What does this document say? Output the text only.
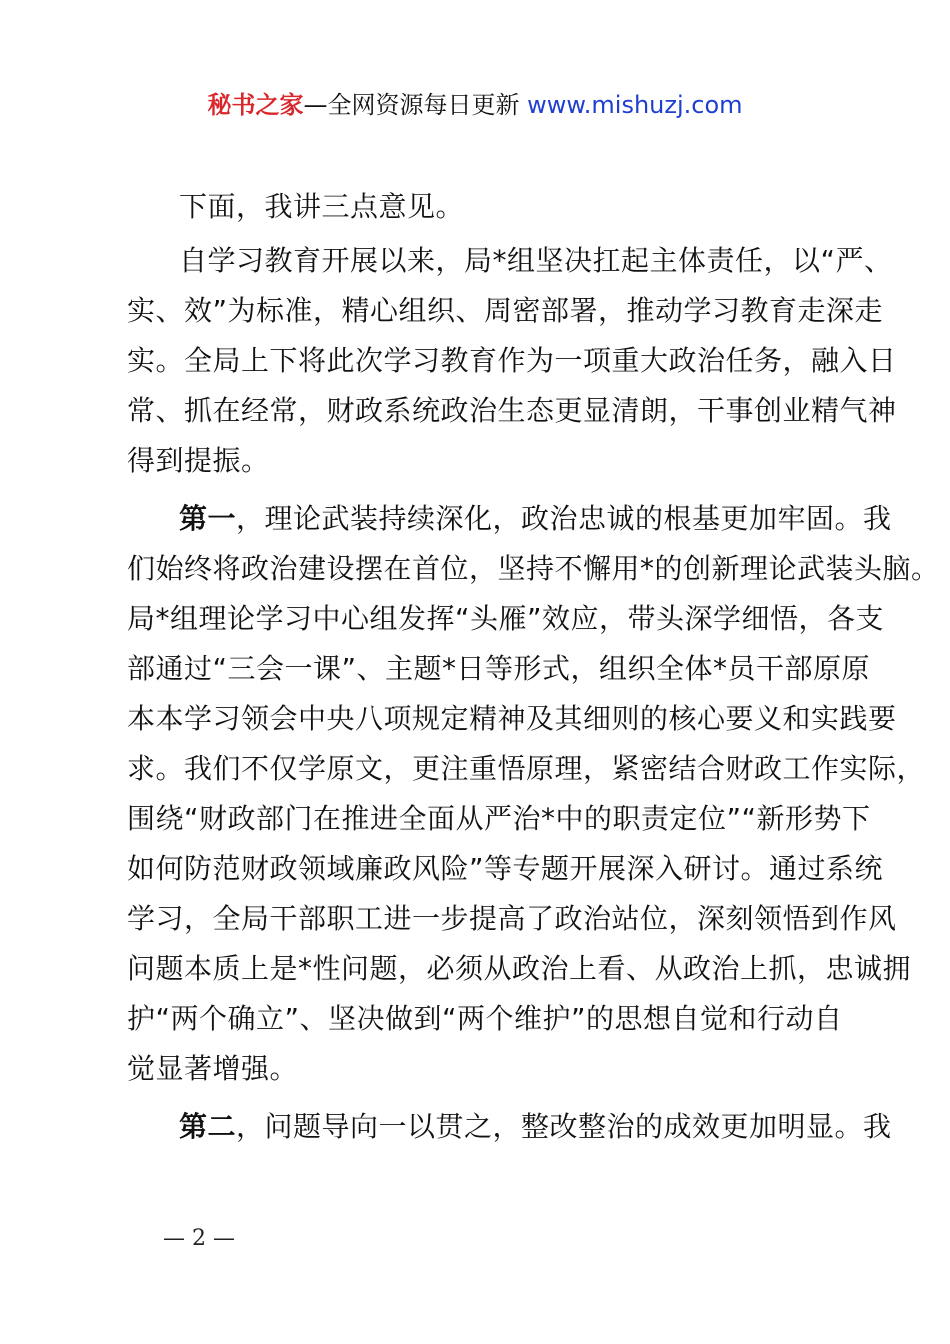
秘书之家—全网资源每日更新 www.mishuzj.com
下面，我讲三点意见。
自学习教育开展以来，局*组坚决扛起主体责任，以“严、
实、效”为标准，精心组织、周密部署，推动学习教育走深走
实。全局上下将此次学习教育作为一项重大政治任务，融入日
常、抓在经常，财政系统政治生态更显清朗，干事创业精气神
得到提振。
第一，理论武装持续深化，政治忠诚的根基更加牢固。我
们始终将政治建设摆在首位，坚持不懈用*的创新理论武装头脑。
局*组理论学习中心组发挥“头雁”效应，带头深学细悟，各支
部通过“三会一课”、主题*日等形式，组织全体*员干部原原
本本学习领会中央八项规定精神及其细则的核心要义和实践要
求。我们不仅学原文，更注重悟原理，紧密结合财政工作实际，
围绕“财政部门在推进全面从严治*中的职责定位”“新形势下
如何防范财政领域廉政风险”等专题开展深入研讨。通过系统
学习，全局干部职工进一步提高了政治站位，深刻领悟到作风
问题本质上是*性问题，必须从政治上看、从政治上抓，忠诚拥
护“两个确立”、坚决做到“两个维护”的思想自觉和行动自
觉显著增强。
第二，问题导向一以贯之，整改整治的成效更加明显。我
— 2 —
